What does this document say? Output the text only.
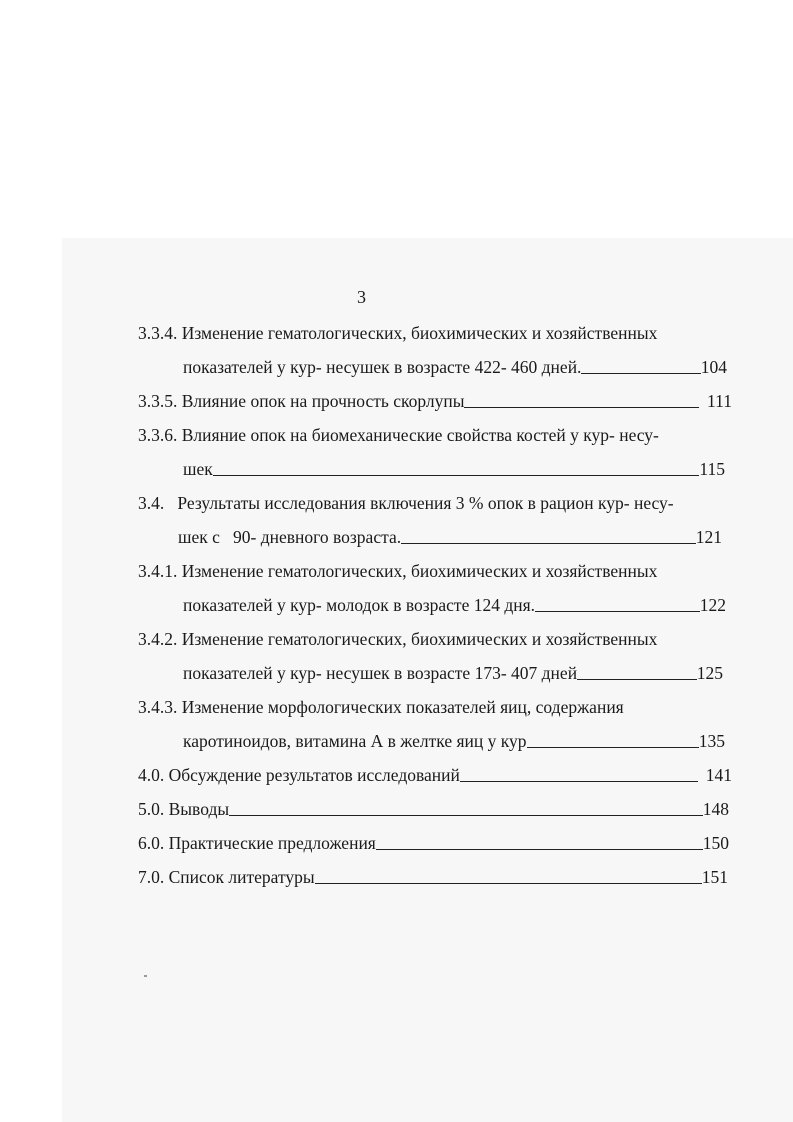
3
3.3.4. Изменение гематологических, биохимических и хозяйственных
показателей у кур- несушек в возрасте 422- 460 дней.	104
3.3.5. Влияние опок на прочность скорлупы	111
3.3.6. Влияние опок на биомеханические свойства костей у кур- несу-
шек	115
3.4.   Результаты исследования включения 3 % опок в рацион кур- несу-
шек с   90- дневного возраста.	121
3.4.1. Изменение гематологических, биохимических и хозяйственных
показателей у кур- молодок в возрасте 124 дня.	122
3.4.2. Изменение гематологических, биохимических и хозяйственных
показателей у кур- несушек в возрасте 173- 407 дней	125
3.4.3. Изменение морфологических показателей яиц, содержания
каротиноидов, витамина А в желтке яиц у кур	135
4.0. Обсуждение результатов исследований	141
5.0. Выводы	148
6.0. Практические предложения	150
7.0. Список литературы	151
